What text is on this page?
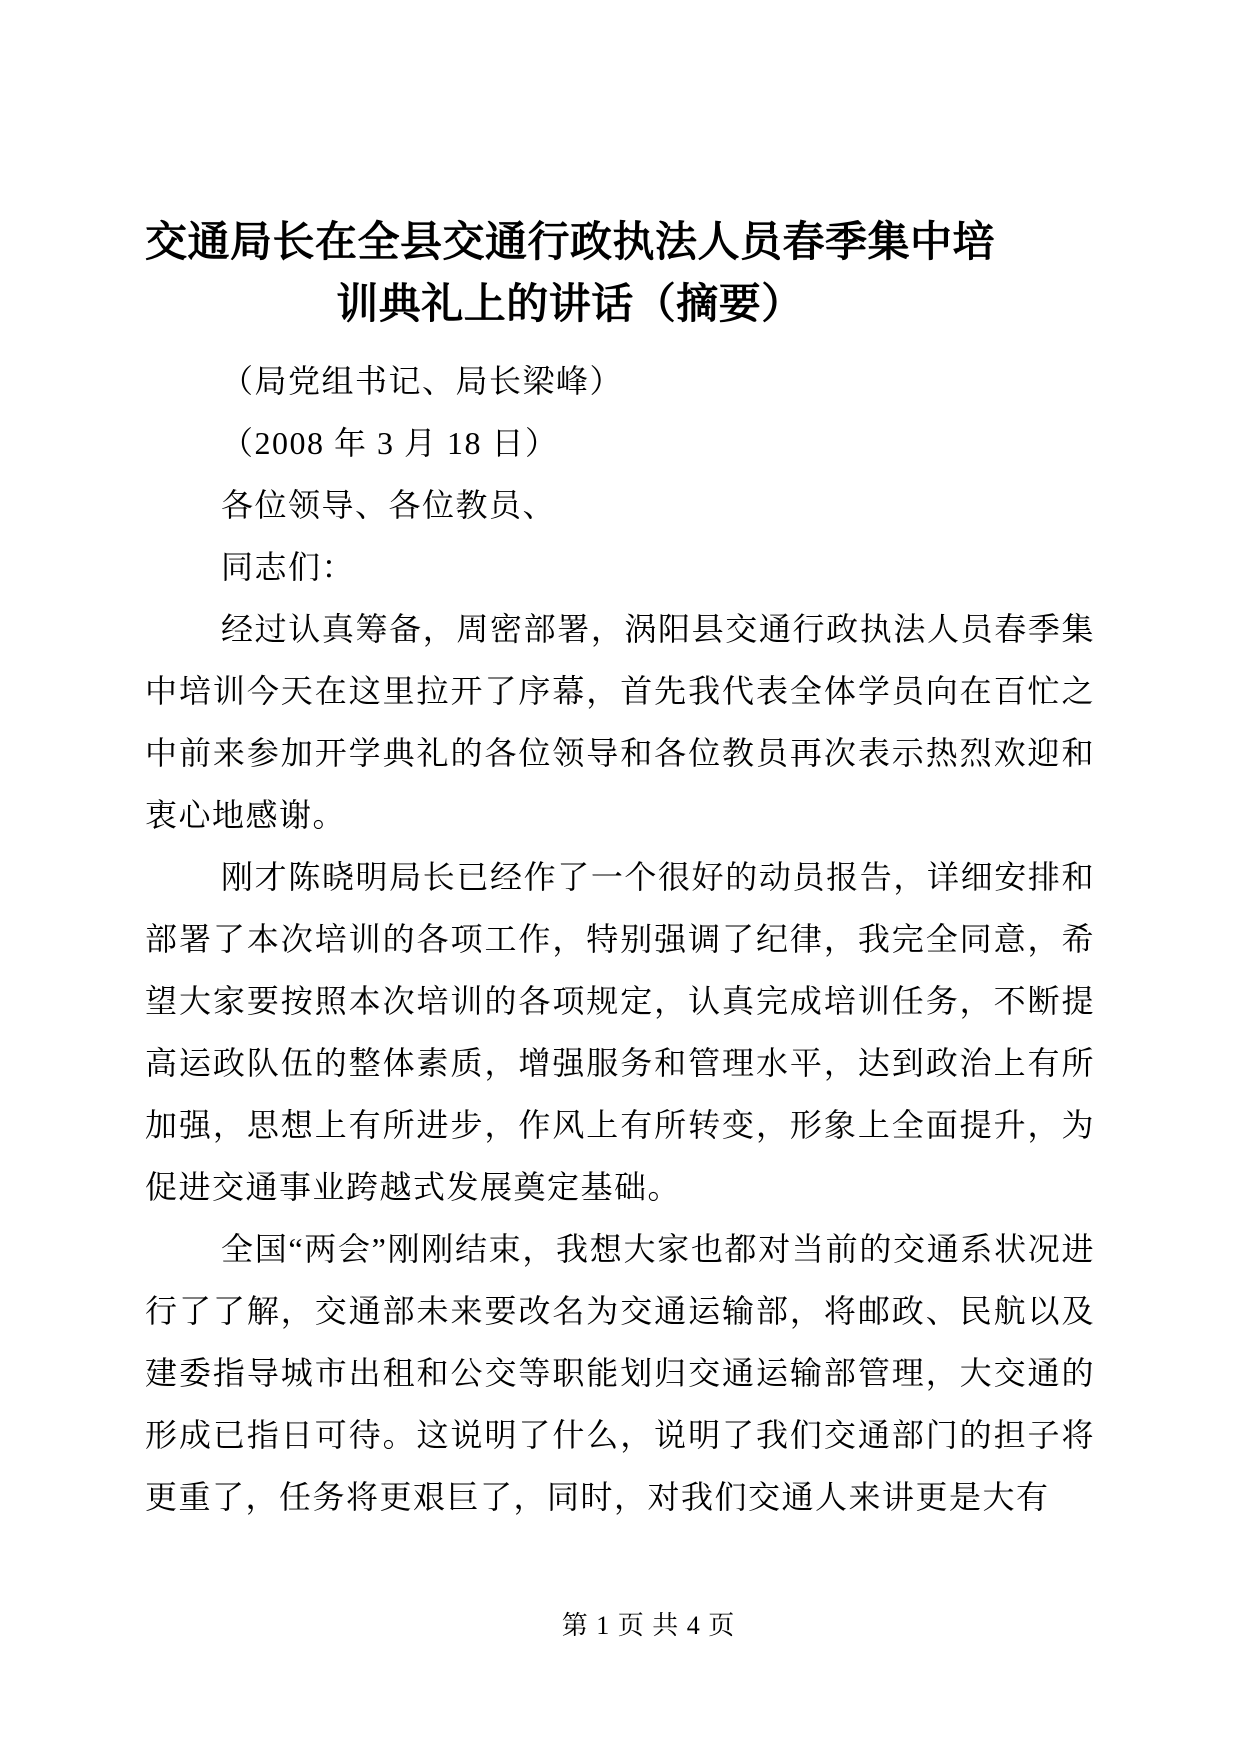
交通局长在全县交通行政执法人员春季集中培训典礼上的讲话（摘要）

（局党组书记、局长梁峰）

（2008 年 3 月 18 日）

各位领导、各位教员、

同志们：

经过认真筹备，周密部署，涡阳县交通行政执法人员春季集中培训今天在这里拉开了序幕，首先我代表全体学员向在百忙之中前来参加开学典礼的各位领导和各位教员再次表示热烈欢迎和衷心地感谢。

刚才陈晓明局长已经作了一个很好的动员报告，详细安排和部署了本次培训的各项工作，特别强调了纪律，我完全同意，希望大家要按照本次培训的各项规定，认真完成培训任务，不断提高运政队伍的整体素质，增强服务和管理水平，达到政治上有所加强，思想上有所进步，作风上有所转变，形象上全面提升，为促进交通事业跨越式发展奠定基础。

全国“两会”刚刚结束，我想大家也都对当前的交通系状况进行了了解，交通部未来要改名为交通运输部，将邮政、民航以及建委指导城市出租和公交等职能划归交通运输部管理，大交通的形成已指日可待。这说明了什么，说明了我们交通部门的担子将更重了，任务将更艰巨了，同时，对我们交通人来讲更是大有

第 1 页 共 4 页
